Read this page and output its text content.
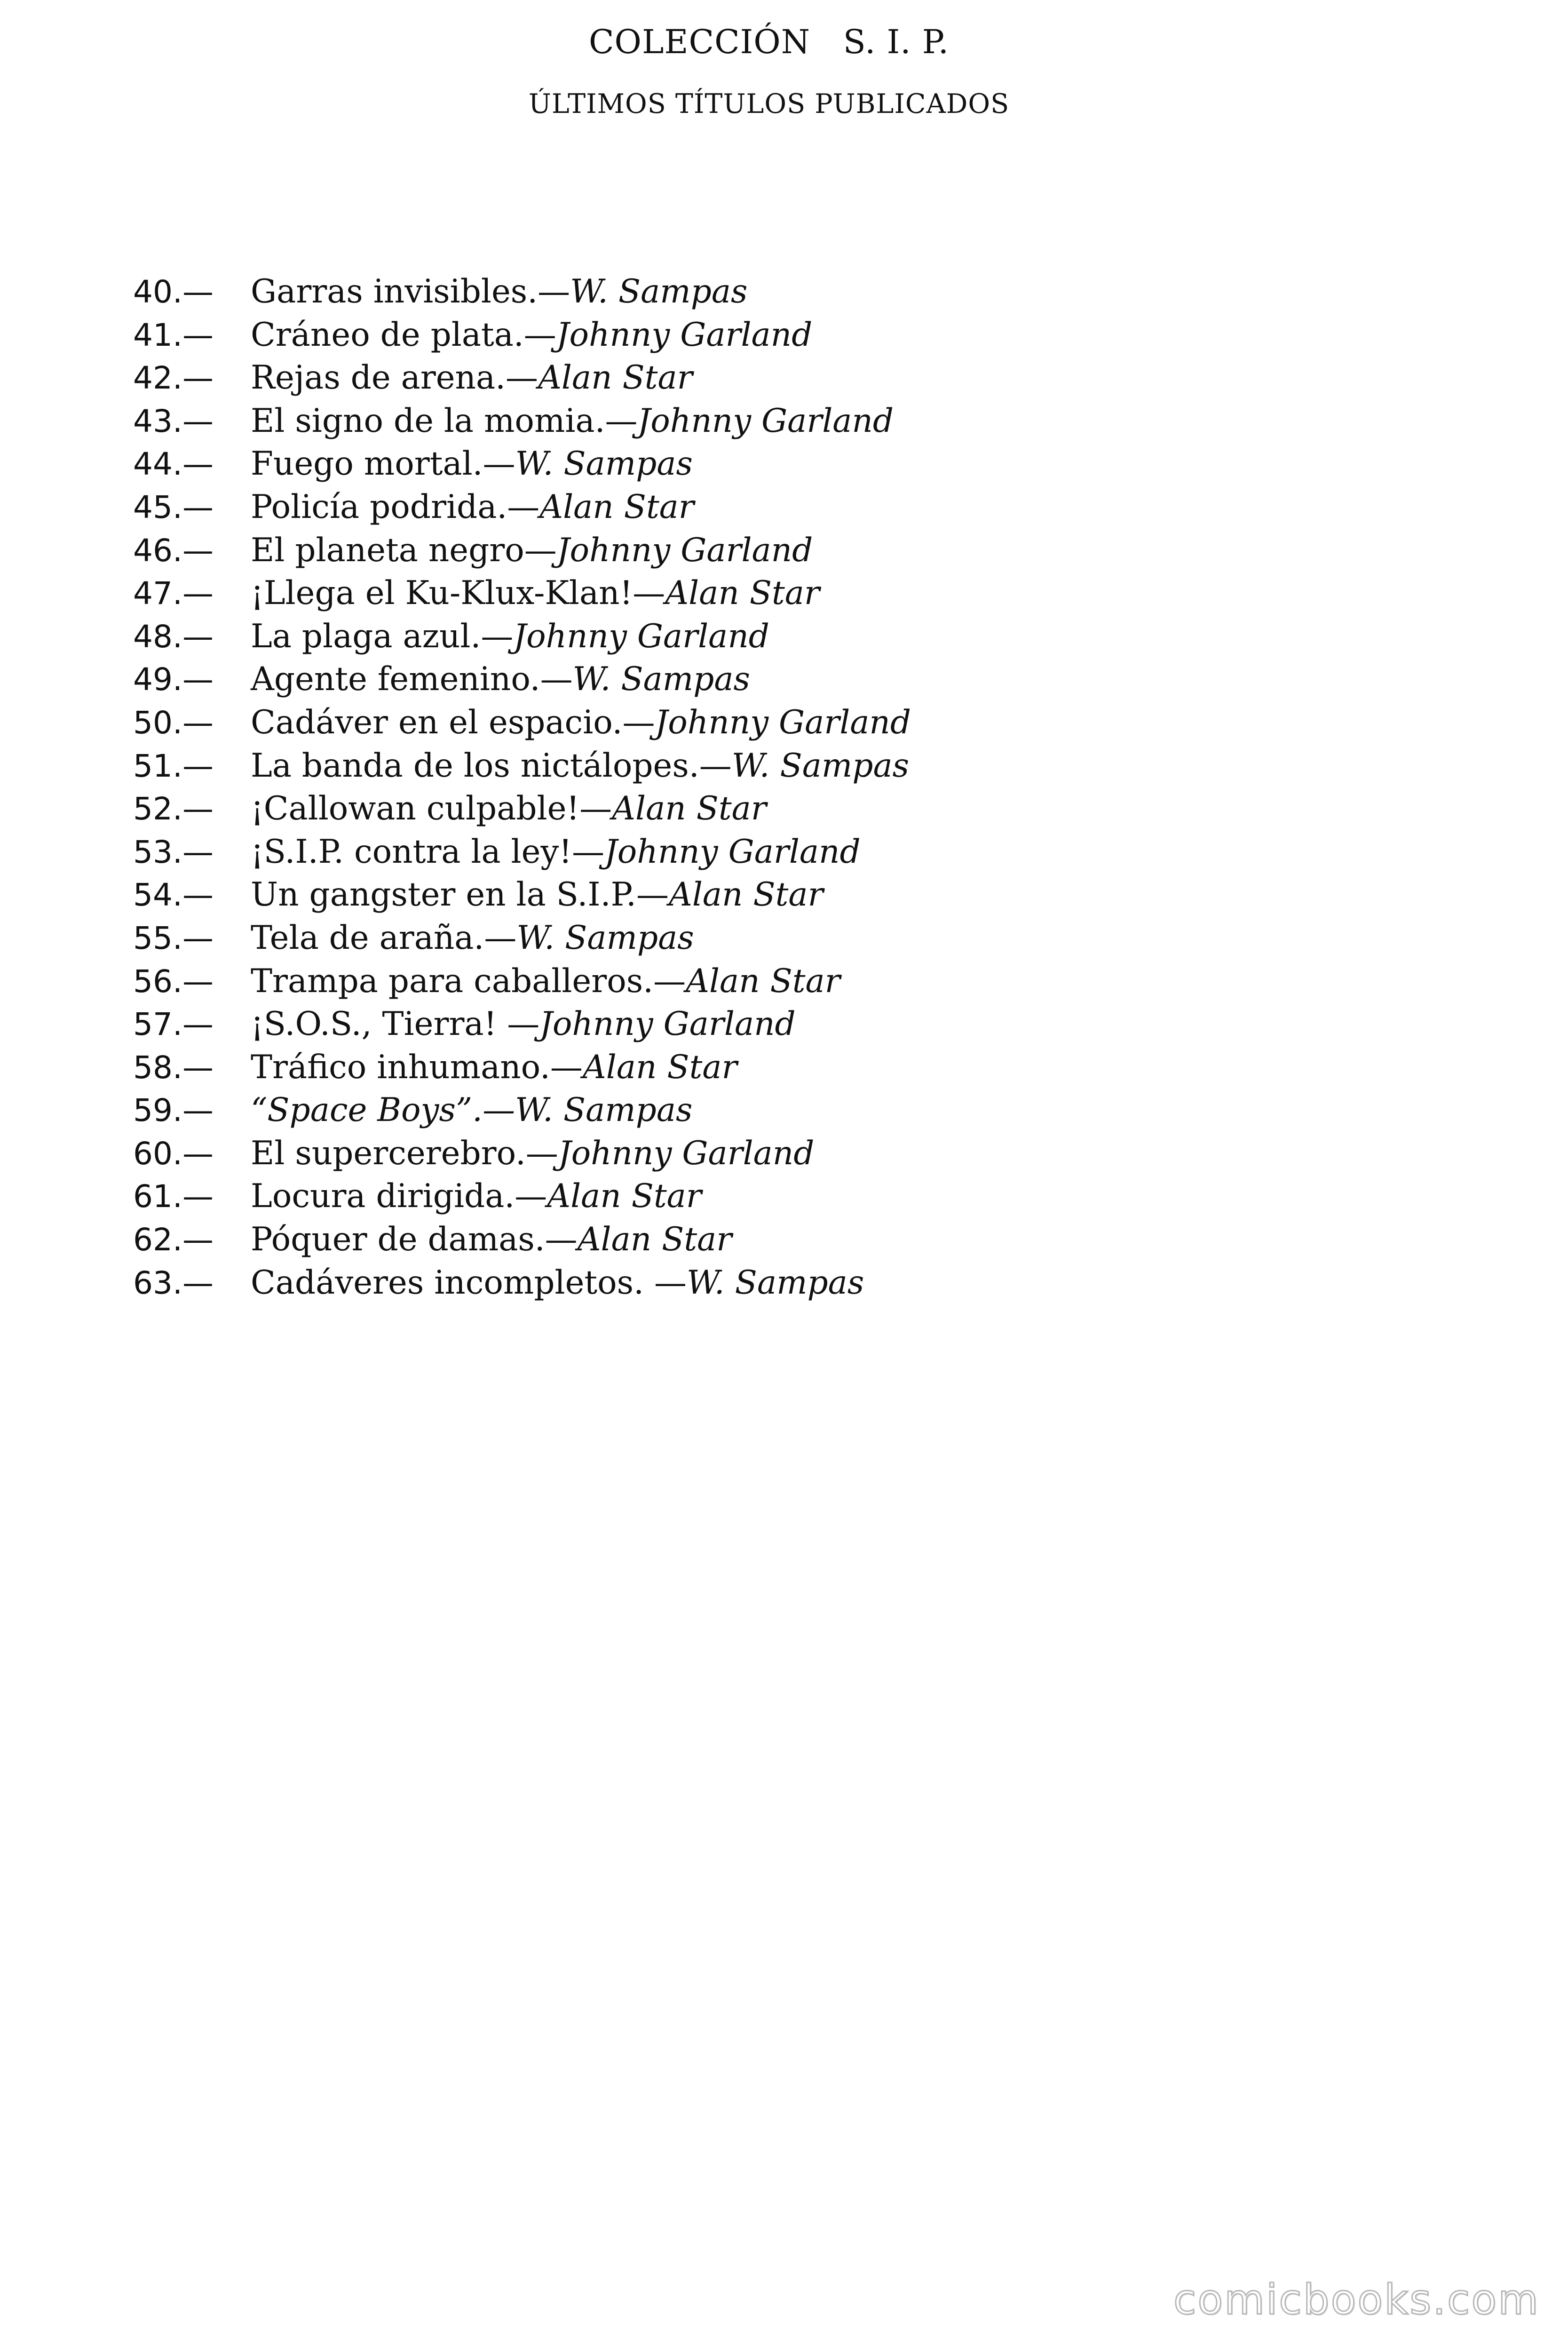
COLECCIÓN   S. I. P.
ÚLTIMOS TÍTULOS PUBLICADOS
40.—	Garras invisibles.— W. Sampas
41.—	Cráneo de plata.— Johnny Garland
42.—	Rejas de arena.— Alan Star
43.—	El signo de la momia.— Johnny Garland
44.—	Fuego mortal.— W. Sampas
45.—	Policía podrida.— Alan Star
46.—	El planeta negro— Johnny Garland
47.—	¡Llega el Ku-Klux-Klan!— Alan Star
48.—	La plaga azul.— Johnny Garland
49.—	Agente femenino.— W. Sampas
50.—	Cadáver en el espacio.— Johnny Garland
51.—	La banda de los nictálopes.— W. Sampas
52.—	¡Callowan culpable!— Alan Star
53.—	¡S.I.P. contra la ley!— Johnny Garland
54.—	Un gangster en la S.I.P.— Alan Star
55.—	Tela de araña.— W. Sampas
56.—	Trampa para caballeros.— Alan Star
57.—	¡S.O.S., Tierra! — Johnny Garland
58.—	Tráfico inhumano.— Alan Star
59.—	“Space Boys”.— W. Sampas
60.—	El supercerebro.— Johnny Garland
61.—	Locura dirigida.— Alan Star
62.—	Póquer de damas.— Alan Star
63.—	Cadáveres incompletos. — W. Sampas
comicbooks.com
